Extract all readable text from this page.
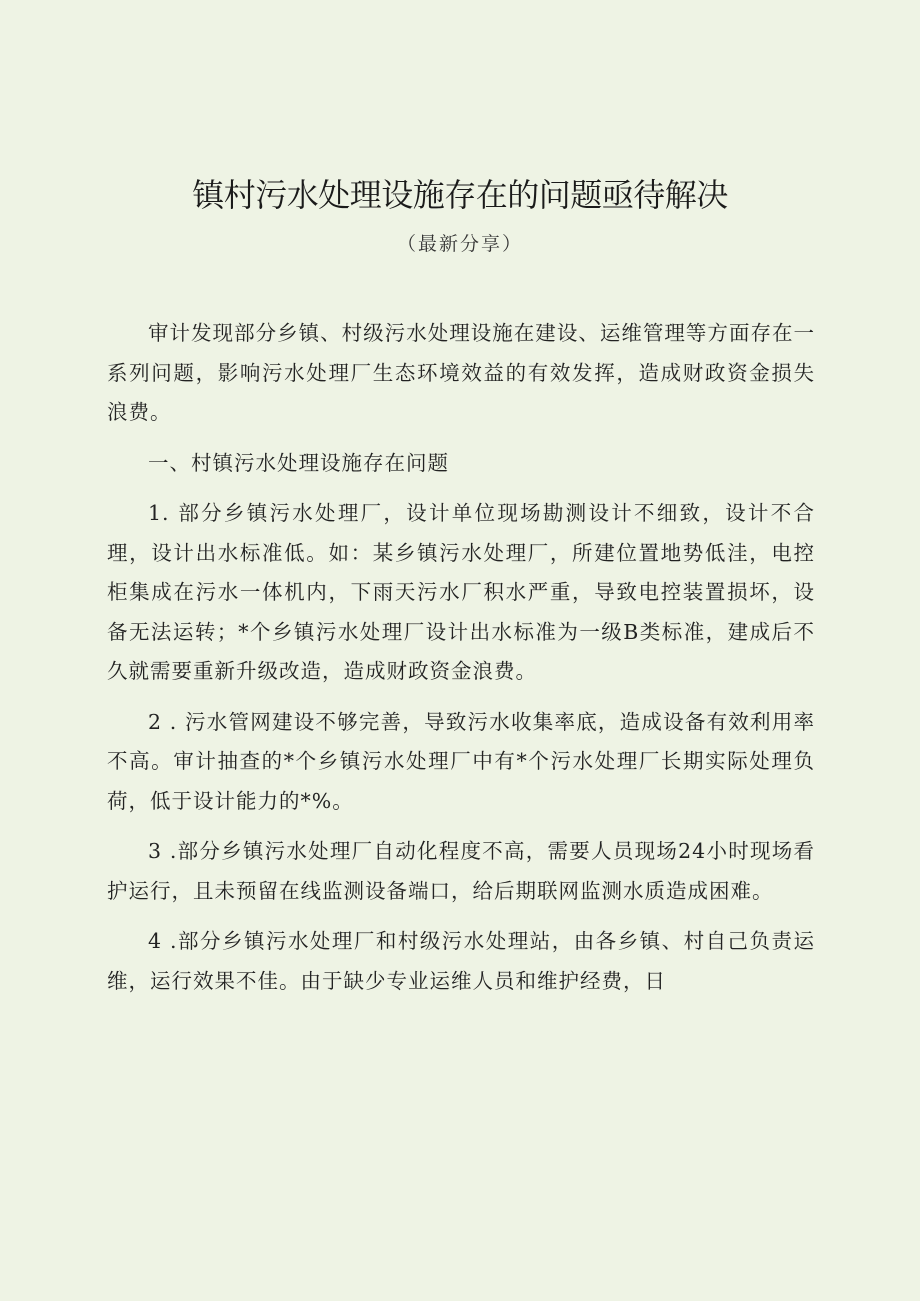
镇村污水处理设施存在的问题亟待解决
（最新分享）

审计发现部分乡镇、村级污水处理设施在建设、运维管理等方面存在一系列问题，影响污水处理厂生态环境效益的有效发挥，造成财政资金损失浪费。

一、村镇污水处理设施存在问题

1. 部分乡镇污水处理厂，设计单位现场勘测设计不细致，设计不合理，设计出水标准低。如：某乡镇污水处理厂，所建位置地势低洼，电控柜集成在污水一体机内，下雨天污水厂积水严重，导致电控装置损坏，设备无法运转；*个乡镇污水处理厂设计出水标准为一级B类标准，建成后不久就需要重新升级改造，造成财政资金浪费。

2 . 污水管网建设不够完善，导致污水收集率底，造成设备有效利用率不高。审计抽查的*个乡镇污水处理厂中有*个污水处理厂长期实际处理负荷，低于设计能力的*%。

3 .部分乡镇污水处理厂自动化程度不高，需要人员现场24小时现场看护运行，且未预留在线监测设备端口，给后期联网监测水质造成困难。

4 .部分乡镇污水处理厂和村级污水处理站，由各乡镇、村自己负责运维，运行效果不佳。由于缺少专业运维人员和维护经费，日
